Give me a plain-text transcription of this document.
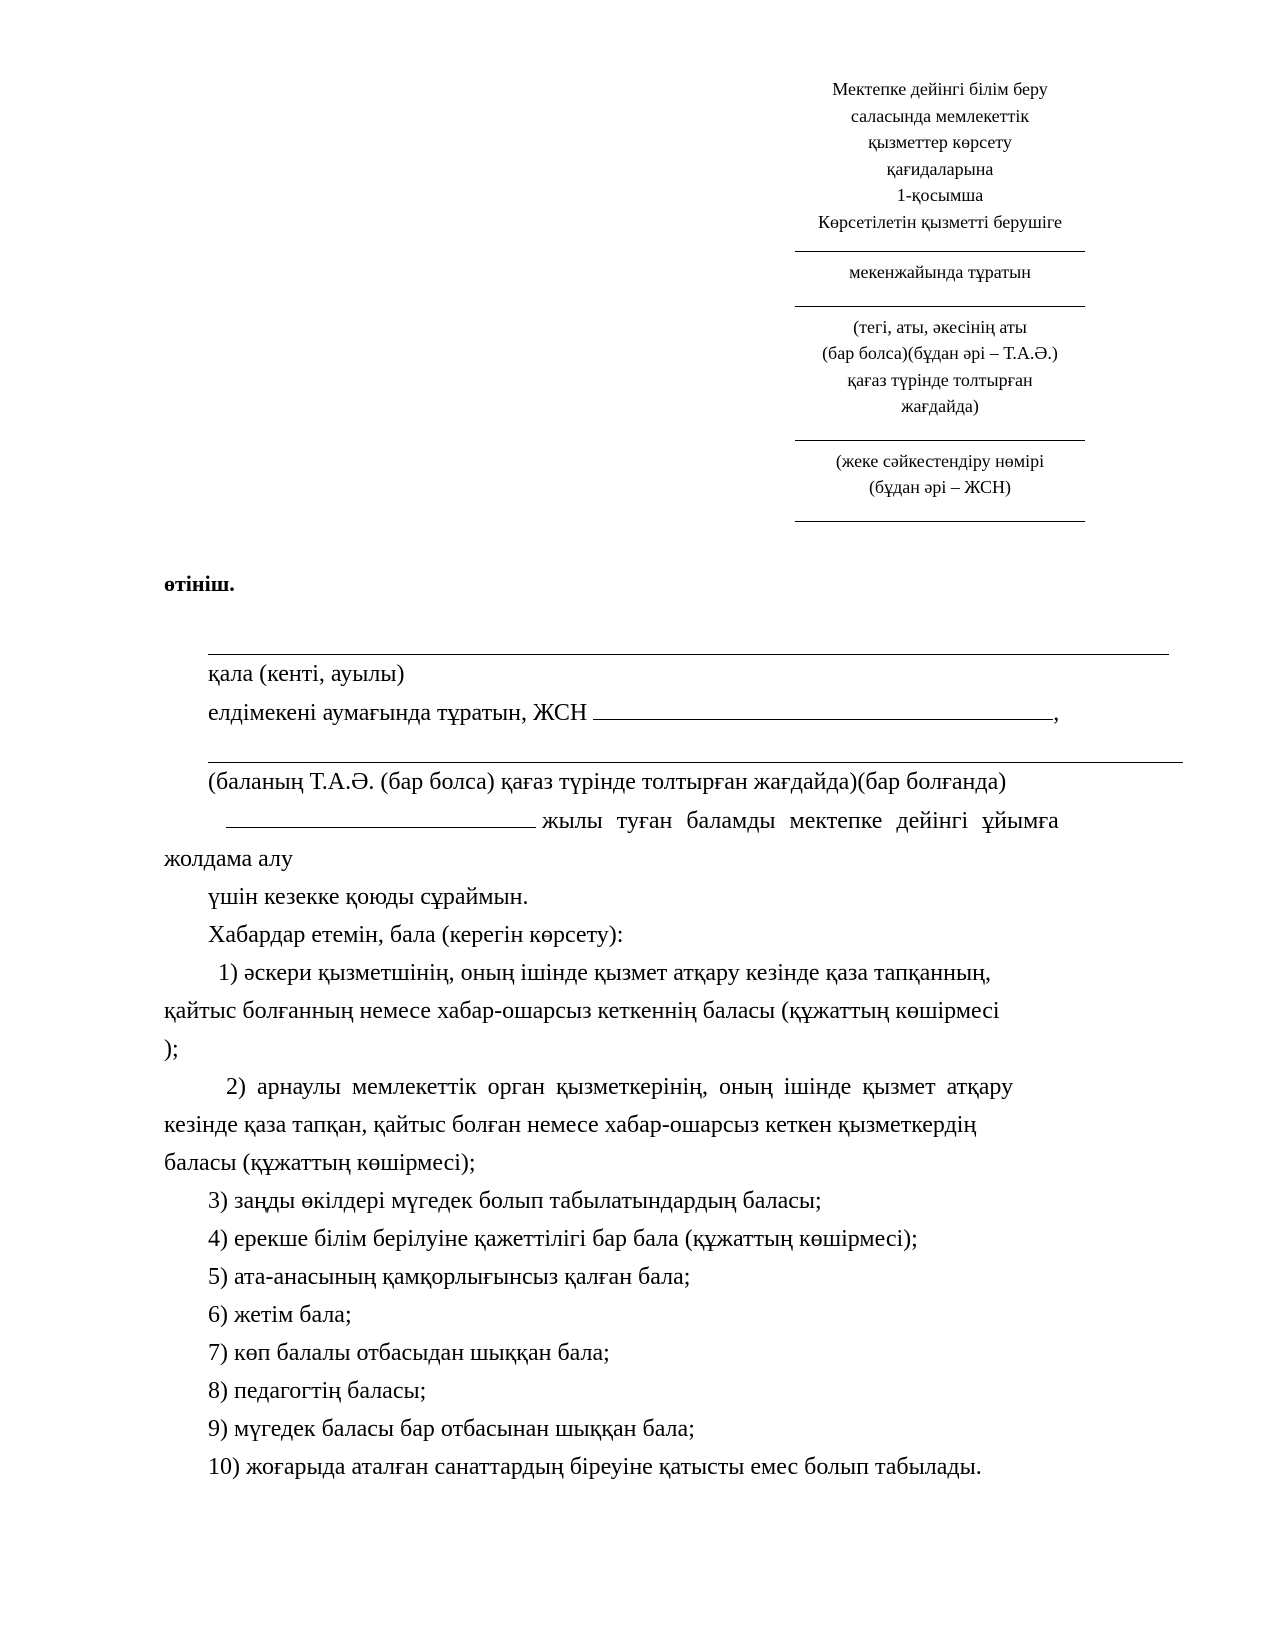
Мектепке дейінгі білім беру
саласында мемлекеттік
қызметтер көрсету
қағидаларына
1-қосымша
Көрсетілетін қызметті берушіге
мекенжайында тұратын
(тегі, аты, әкесінің аты
(бар болса)(бұдан әрі – Т.А.Ә.)
қағаз түрінде толтырған
жағдайда)
(жеке сәйкестендіру нөмірі
(бұдан әрі – ЖСН)
өтініш.
қала (кенті, ауылы)
елдімекені аумағында тұратын, ЖСН	,
(баланың Т.А.Ә. (бар болса) қағаз түрінде толтырған жағдайда)(бар болғанда)
жылы туған баламды мектепке дейінгі ұйымға
жолдама алу
үшін кезекке қоюды сұраймын.
Хабардар етемін, бала (керегін көрсету):
1) әскери қызметшінің, оның ішінде қызмет атқару кезінде қаза тапқанның,
қайтыс болғанның немесе хабар-ошарсыз кеткеннің баласы (құжаттың көшірмесі
);
2) арнаулы мемлекеттік орган қызметкерінің, оның ішінде қызмет атқару
кезінде қаза тапқан, қайтыс болған немесе хабар-ошарсыз кеткен қызметкердің
баласы (құжаттың көшірмесі);
3) заңды өкілдері мүгедек болып табылатындардың баласы;
4) ерекше білім берілуіне қажеттілігі бар бала (құжаттың көшірмесі);
5) ата-анасының қамқорлығынсыз қалған бала;
6) жетім бала;
7) көп балалы отбасыдан шыққан бала;
8) педагогтің баласы;
9) мүгедек баласы бар отбасынан шыққан бала;
10) жоғарыда аталған санаттардың біреуіне қатысты емес болып табылады.
